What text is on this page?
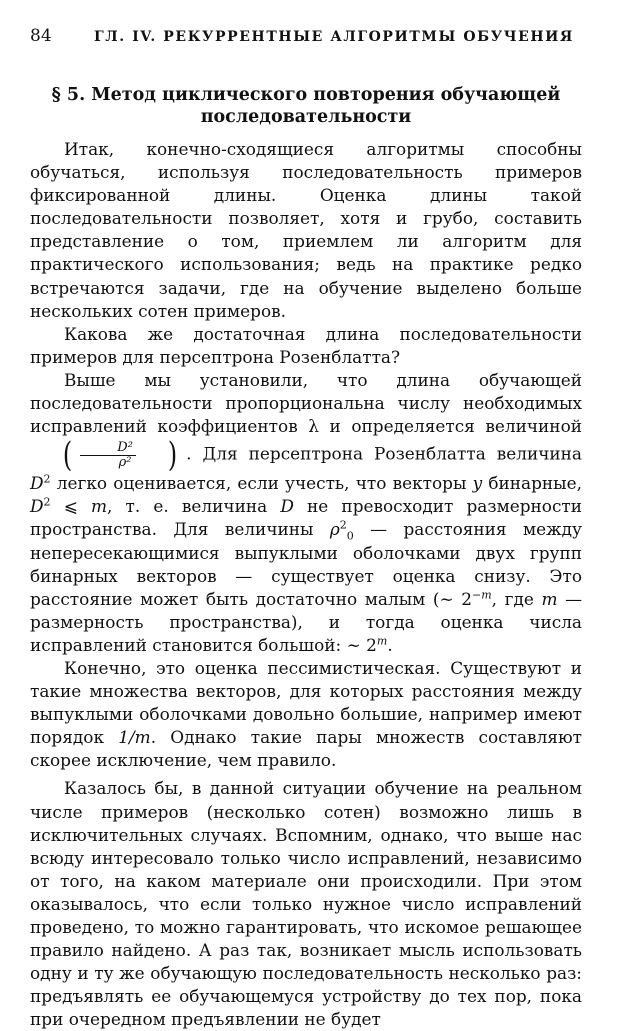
84	ГЛ. IV. РЕКУРРЕНТНЫЕ АЛГОРИТМЫ ОБУЧЕНИЯ
§ 5. Метод циклического повторения обучающей
последовательности

Итак, конечно-сходящиеся алгоритмы способны обучаться, используя последовательность примеров фиксированной длины. Оценка длины такой последовательности позволяет, хотя и грубо, составить представление о том, приемлем ли алгоритм для практического использования; ведь на практике редко встречаются задачи, где на обучение выделено больше нескольких сотен примеров.

Какова же достаточная длина последовательности примеров для персептрона Розенблатта?

Выше мы установили, что длина обучающей последовательности пропорциональна числу необходимых исправлений коэффициентов λ и определяется величиной
( $\frac{\text{D²}}{\text{ρ²}}$ ) . Для персептрона Розенблатта величина $D^2$ легко оценивается, если учесть, что векторы y бинарные, $D^2$ ⩽ m, т. е. величина D не превосходит размерности пространства. Для величины $\rho^2_0$ — расстояния между непересекающимися выпуклыми оболочками двух групп бинарных векторов — существует оценка снизу. Это расстояние может быть достаточно малым (∼ $2^{-m}$, где m — размерность пространства), и тогда оценка числа исправлений становится большой: ∼ 2$^m$.

Конечно, это оценка пессимистическая. Существуют и такие множества векторов, для которых расстояния между выпуклыми оболочками довольно большие, например имеют порядок 1/m. Однако такие пары множеств составляют скорее исключение, чем правило.

Казалось бы, в данной ситуации обучение на реальном числе примеров (несколько сотен) возможно лишь в исключительных случаях. Вспомним, однако, что выше нас всюду интересовало только число исправлений, независимо от того, на каком материале они происходили. При этом оказывалось, что если только нужное число исправлений проведено, то можно гарантировать, что искомое решающее правило найдено. А раз так, возникает мысль использовать одну и ту же обучающую последовательность несколько раз: предъявлять ее обучающемуся устройству до тех пор, пока при очередном предъявлении не будет
